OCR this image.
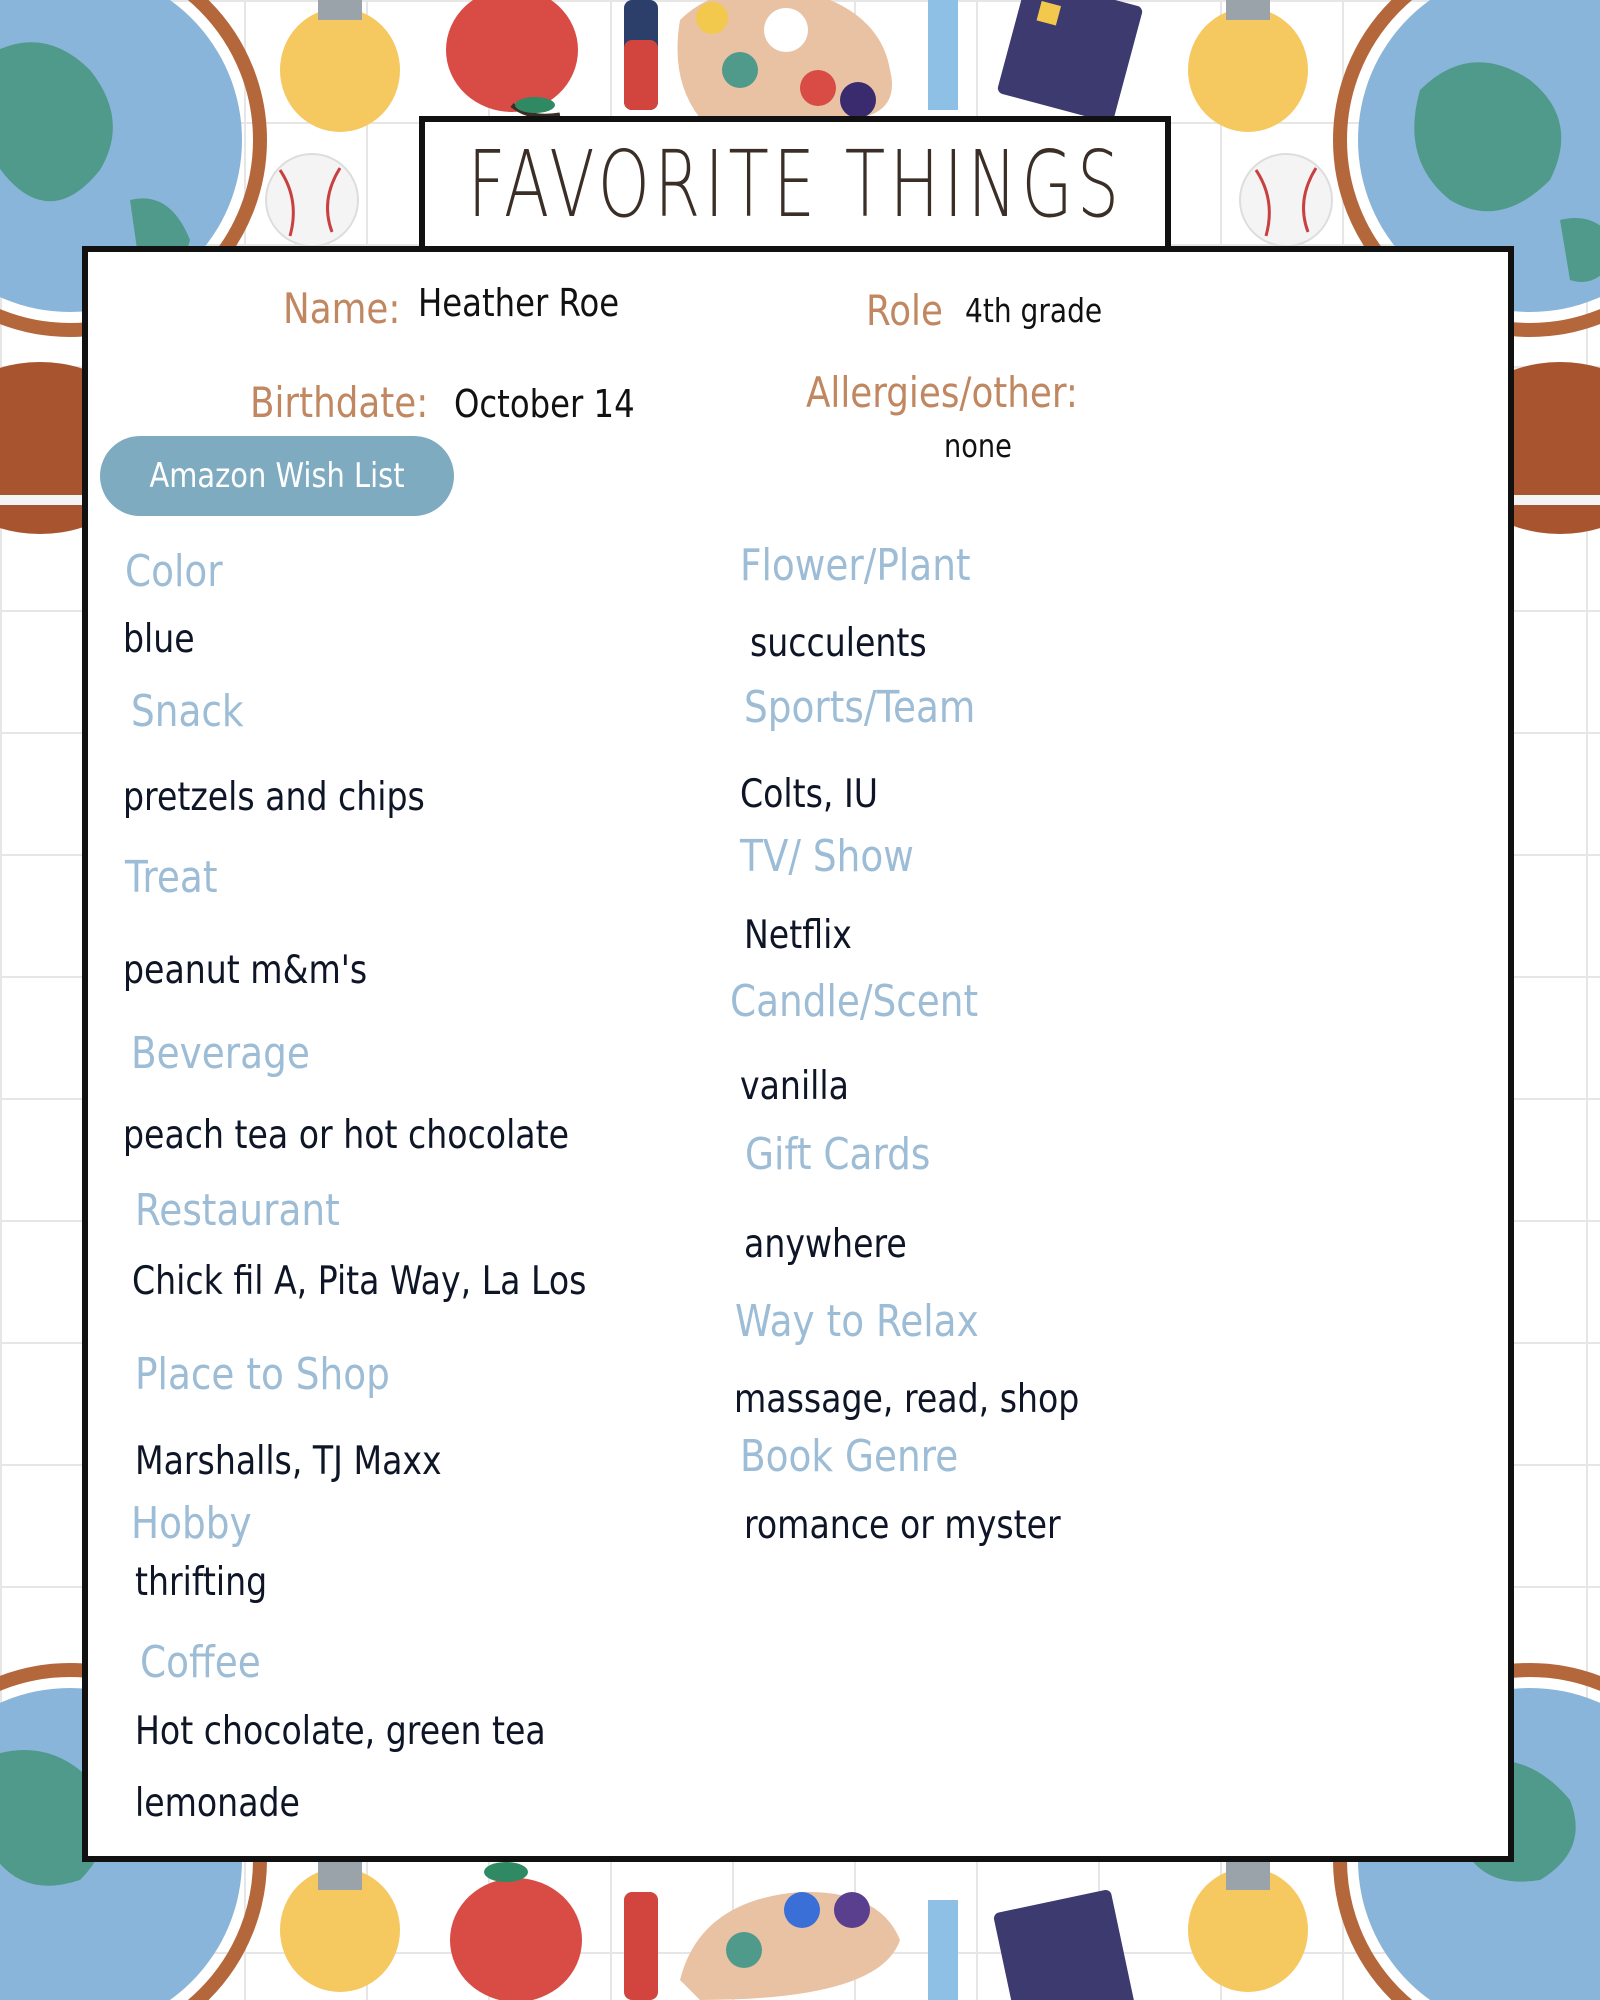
FAVORITE THINGS
Name: Heather Roe	Role 4th grade
Birthdate: October 14	Allergies/other:
none
Amazon Wish List
Color
blue
Snack
pretzels and chips
Treat
peanut m&m's
Beverage
peach tea or hot chocolate
Restaurant
Chick fil A, Pita Way, La Los
Place to Shop
Marshalls, TJ Maxx
Hobby
thrifting
Coffee
Hot chocolate, green tea
lemonade
Flower/Plant
succulents
Sports/Team
Colts, IU
TV/ Show
Netflix
Candle/Scent
vanilla
Gift Cards
anywhere
Way to Relax
massage, read, shop
Book Genre
romance or myster
